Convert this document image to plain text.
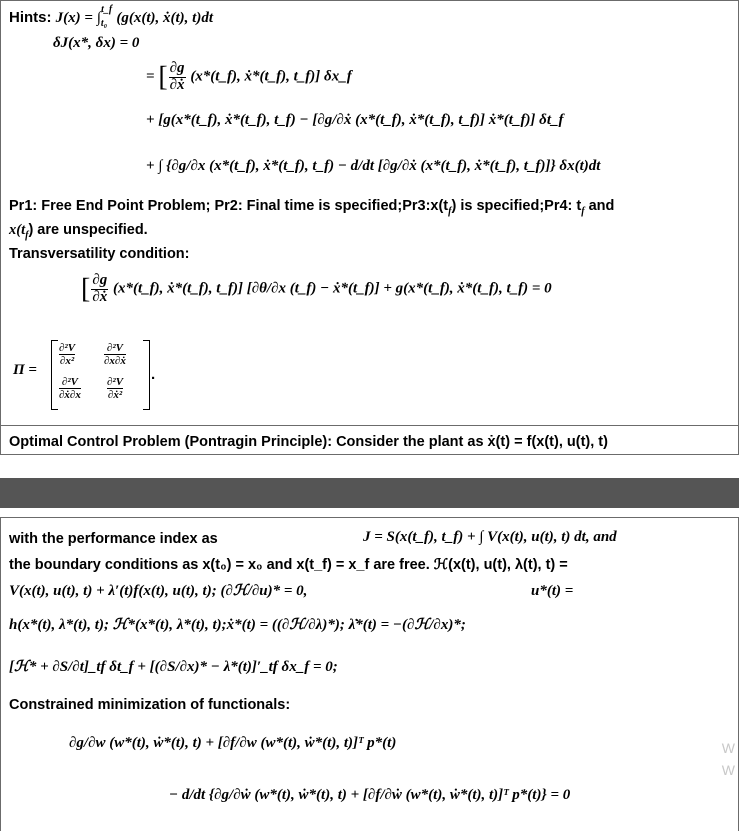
Hints: $J(x) = \int_{t_0}^{t\_f}$ (g(x(t), ẋ(t), t)dt
δJ(x*, δx) = 0
= [ $\frac{\partial g}{\text{∂ẋ}}$ (x*(t_f), ẋ*(t_f), t_f)] δx_f
+ [g(x*(t_f), ẋ*(t_f), t_f) − [∂g/∂ẋ (x*(t_f), ẋ*(t_f), t_f)] ẋ*(t_f)] δt_f
+ ∫ {∂g/∂x (x*(t_f), ẋ*(t_f), t_f) − d/dt [∂g/∂ẋ (x*(t_f), ẋ*(t_f), t_f)]} δx(t)dt
Pr1: Free End Point Problem; Pr2: Final time is $specified;Pr3:x(t_f)$ is specified;Pr4: $t_f$ and
$x(t_f)$ are unspecified.
Transversatility condition:
[ $\frac{\partial g}{\text{∂ẋ}}$ (x*(t_f), ẋ*(t_f), t_f)] [∂θ/∂x (t_f) − ẋ*(t_f)] + g(x*(t_f), ẋ*(t_f), t_f) = 0
Π =
∂²V
∂x²
∂²V
∂x∂ẋ
∂²V
∂ẋ∂x
∂²V
∂ẋ²
.
Optimal Control Problem (Pontragin Principle): Consider the plant as ẋ(t) = f(x(t), u(t), t)
with the performance index as	J = S(x(t_f), t_f) + ∫ V(x(t), u(t), t) dt, and
the boundary conditions as x(t₀) = x₀ and x(t_f) = x_f are free. ℋ(x(t), u(t), λ(t), t) =
V(x(t), u(t), t) + λ′(t)f(x(t), u(t), t); (∂ℋ/∂u)* = 0,	u*(t) =
h(x*(t), λ*(t), t); ℋ*(x*(t), λ*(t), t);ẋ*(t) = ((∂ℋ/∂λ)*); λ̇*(t) = −(∂ℋ/∂x)*;
[ℋ* + ∂S/∂t]_tf δt_f + [(∂S/∂x)* − λ*(t)]′_tf δx_f = 0;
Constrained minimization of functionals:
∂g/∂w (w*(t), ẇ*(t), t) + [∂f/∂w (w*(t), ẇ*(t), t)]ᵀ p*(t)
− d/dt {∂g/∂ẇ (w*(t), ẇ*(t), t) + [∂f/∂ẇ (w*(t), ẇ*(t), t)]ᵀ p*(t)} = 0
W
W
